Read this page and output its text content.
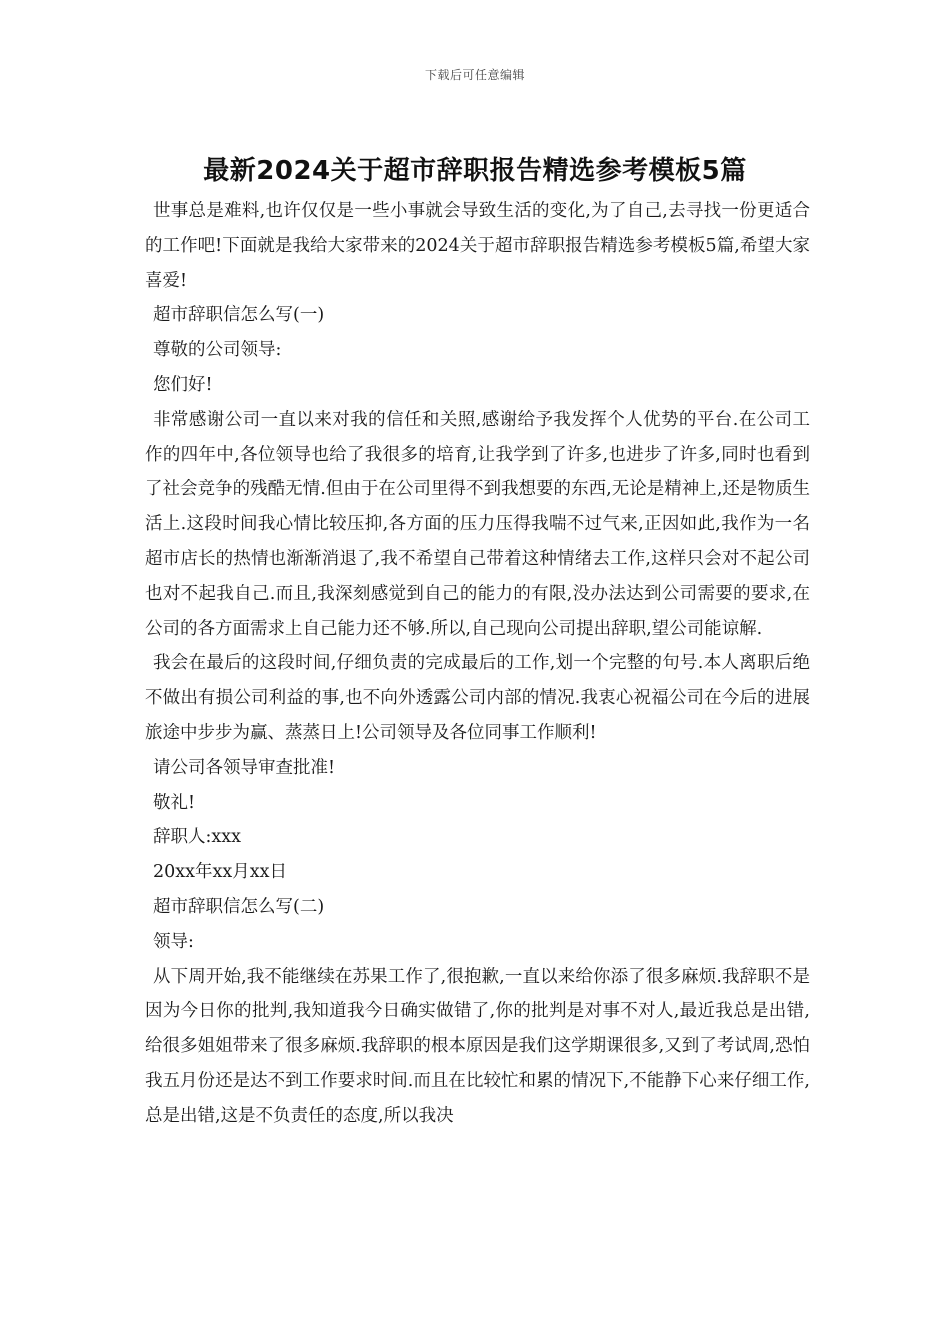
下载后可任意编辑
最新2024关于超市辞职报告精选参考模板5篇

世事总是难料,也许仅仅是一些小事就会导致生活的变化,为了自己,去寻找一份更适合的工作吧!下面就是我给大家带来的2024关于超市辞职报告精选参考模板5篇,希望大家喜爱!

超市辞职信怎么写(一)

尊敬的公司领导:

您们好!

非常感谢公司一直以来对我的信任和关照,感谢给予我发挥个人优势的平台.在公司工作的四年中,各位领导也给了我很多的培育,让我学到了许多,也进步了许多,同时也看到了社会竞争的残酷无情.但由于在公司里得不到我想要的东西,无论是精神上,还是物质生活上.这段时间我心情比较压抑,各方面的压力压得我喘不过气来,正因如此,我作为一名超市店长的热情也渐渐消退了,我不希望自己带着这种情绪去工作,这样只会对不起公司也对不起我自己.而且,我深刻感觉到自己的能力的有限,没办法达到公司需要的要求,在公司的各方面需求上自己能力还不够.所以,自己现向公司提出辞职,望公司能谅解.

我会在最后的这段时间,仔细负责的完成最后的工作,划一个完整的句号.本人离职后绝不做出有损公司利益的事,也不向外透露公司内部的情况.我衷心祝福公司在今后的进展旅途中步步为赢、蒸蒸日上!公司领导及各位同事工作顺利!

请公司各领导审查批准!

敬礼!

辞职人:xxx

20xx年xx月xx日

超市辞职信怎么写(二)

领导:

从下周开始,我不能继续在苏果工作了,很抱歉,一直以来给你添了很多麻烦.我辞职不是因为今日你的批判,我知道我今日确实做错了,你的批判是对事不对人,最近我总是出错,给很多姐姐带来了很多麻烦.我辞职的根本原因是我们这学期课很多,又到了考试周,恐怕我五月份还是达不到工作要求时间.而且在比较忙和累的情况下,不能静下心来仔细工作,总是出错,这是不负责任的态度,所以我决
